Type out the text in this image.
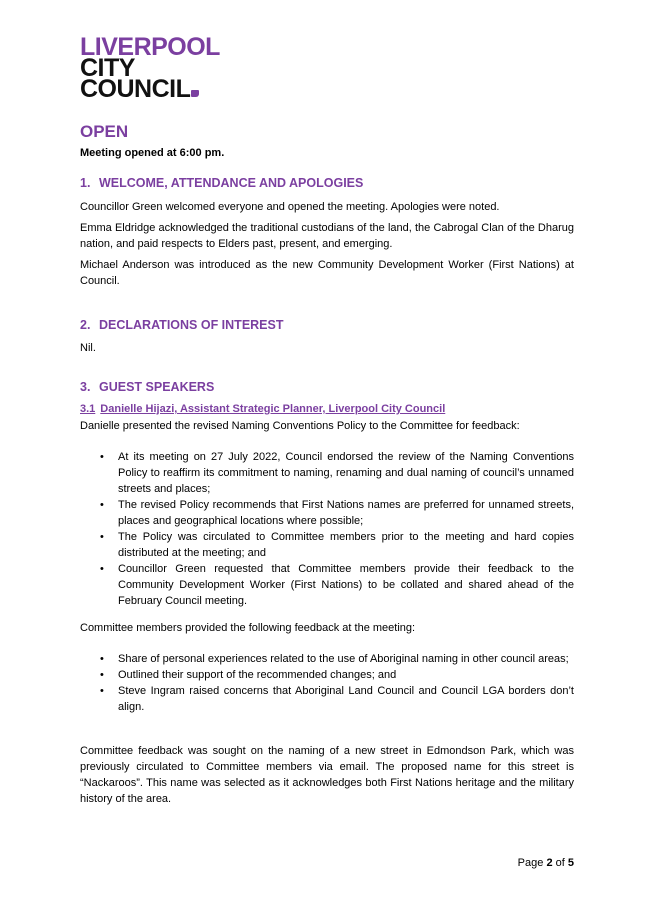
LIVERPOOL
CITY
COUNCIL
OPEN
Meeting opened at 6:00 pm.
1. WELCOME, ATTENDANCE AND APOLOGIES
Councillor Green welcomed everyone and opened the meeting. Apologies were noted.
Emma Eldridge acknowledged the traditional custodians of the land, the Cabrogal Clan of the Dharug nation, and paid respects to Elders past, present, and emerging.
Michael Anderson was introduced as the new Community Development Worker (First Nations) at Council.
2. DECLARATIONS OF INTEREST
Nil.
3. GUEST SPEAKERS
3.1 Danielle Hijazi, Assistant Strategic Planner, Liverpool City Council
Danielle presented the revised Naming Conventions Policy to the Committee for feedback:
• At its meeting on 27 July 2022, Council endorsed the review of the Naming Conventions Policy to reaffirm its commitment to naming, renaming and dual naming of council’s unnamed streets and places;
• The revised Policy recommends that First Nations names are preferred for unnamed streets, places and geographical locations where possible;
• The Policy was circulated to Committee members prior to the meeting and hard copies distributed at the meeting; and
• Councillor Green requested that Committee members provide their feedback to the Community Development Worker (First Nations) to be collated and shared ahead of the February Council meeting.
Committee members provided the following feedback at the meeting:
• Share of personal experiences related to the use of Aboriginal naming in other council areas;
• Outlined their support of the recommended changes; and
• Steve Ingram raised concerns that Aboriginal Land Council and Council LGA borders don’t align.
Committee feedback was sought on the naming of a new street in Edmondson Park, which was previously circulated to Committee members via email. The proposed name for this street is “Nackaroos”. This name was selected as it acknowledges both First Nations heritage and the military history of the area.
Page 2 of 5
